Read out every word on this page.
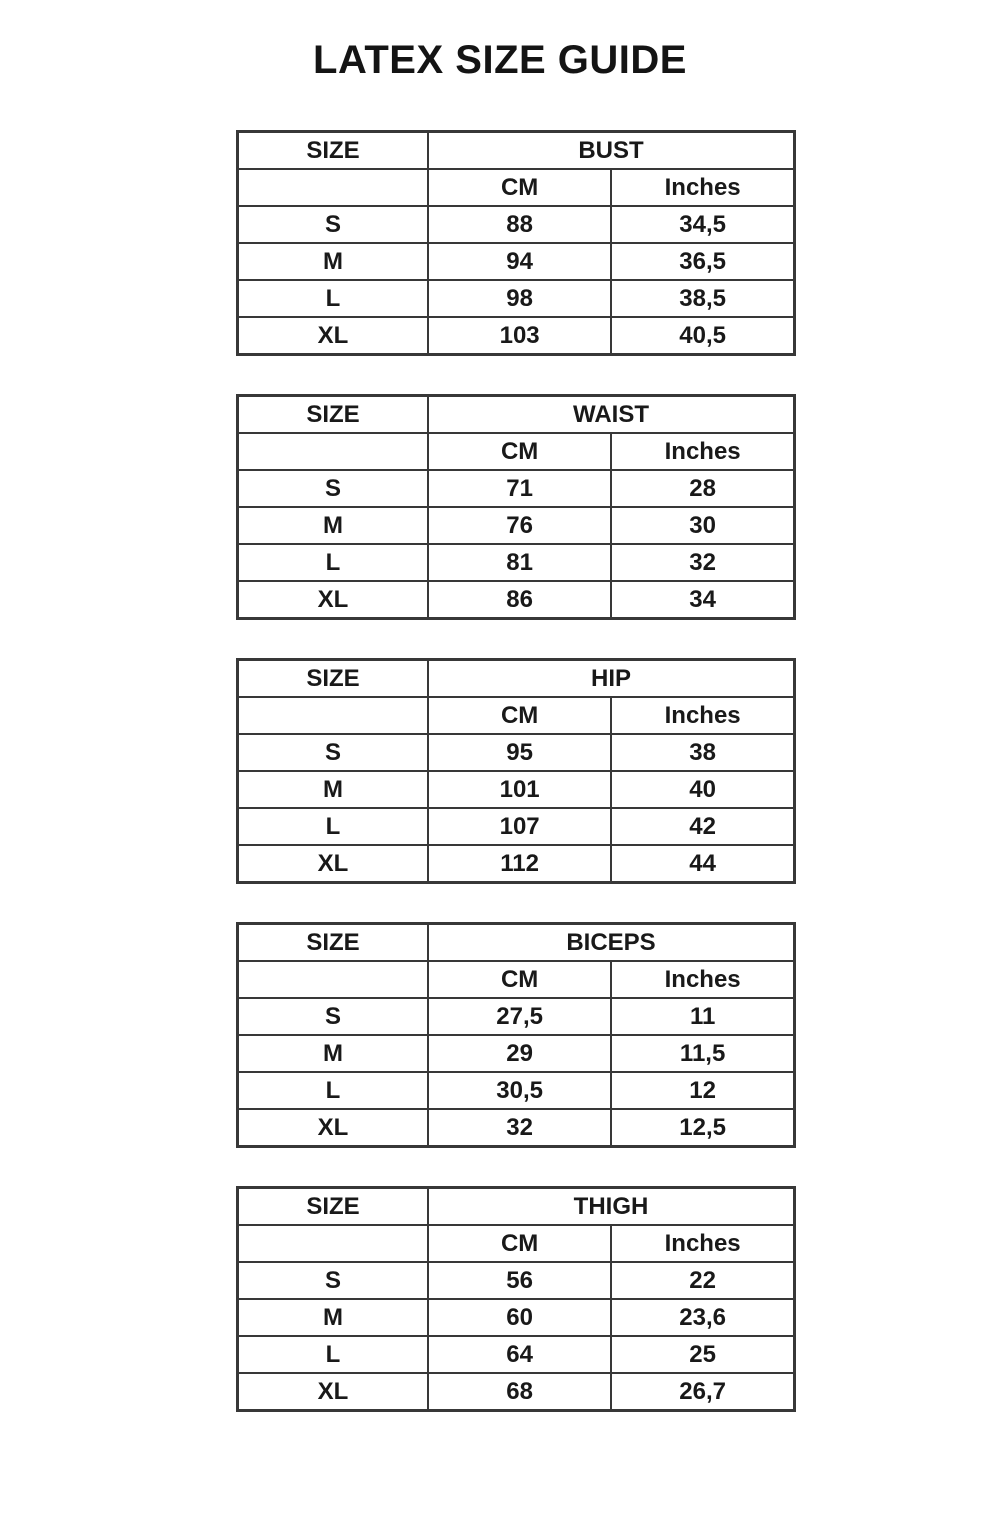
LATEX SIZE GUIDE
SIZE	BUST	
	CM	Inches
S	88	34,5
M	94	36,5
L	98	38,5
XL	103	40,5
SIZE	WAIST	
	CM	Inches
S	71	28
M	76	30
L	81	32
XL	86	34
SIZE	HIP	
	CM	Inches
S	95	38
M	101	40
L	107	42
XL	112	44
SIZE	BICEPS	
	CM	Inches
S	27,5	11
M	29	11,5
L	30,5	12
XL	32	12,5
SIZE	THIGH	
	CM	Inches
S	56	22
M	60	23,6
L	64	25
XL	68	26,7
